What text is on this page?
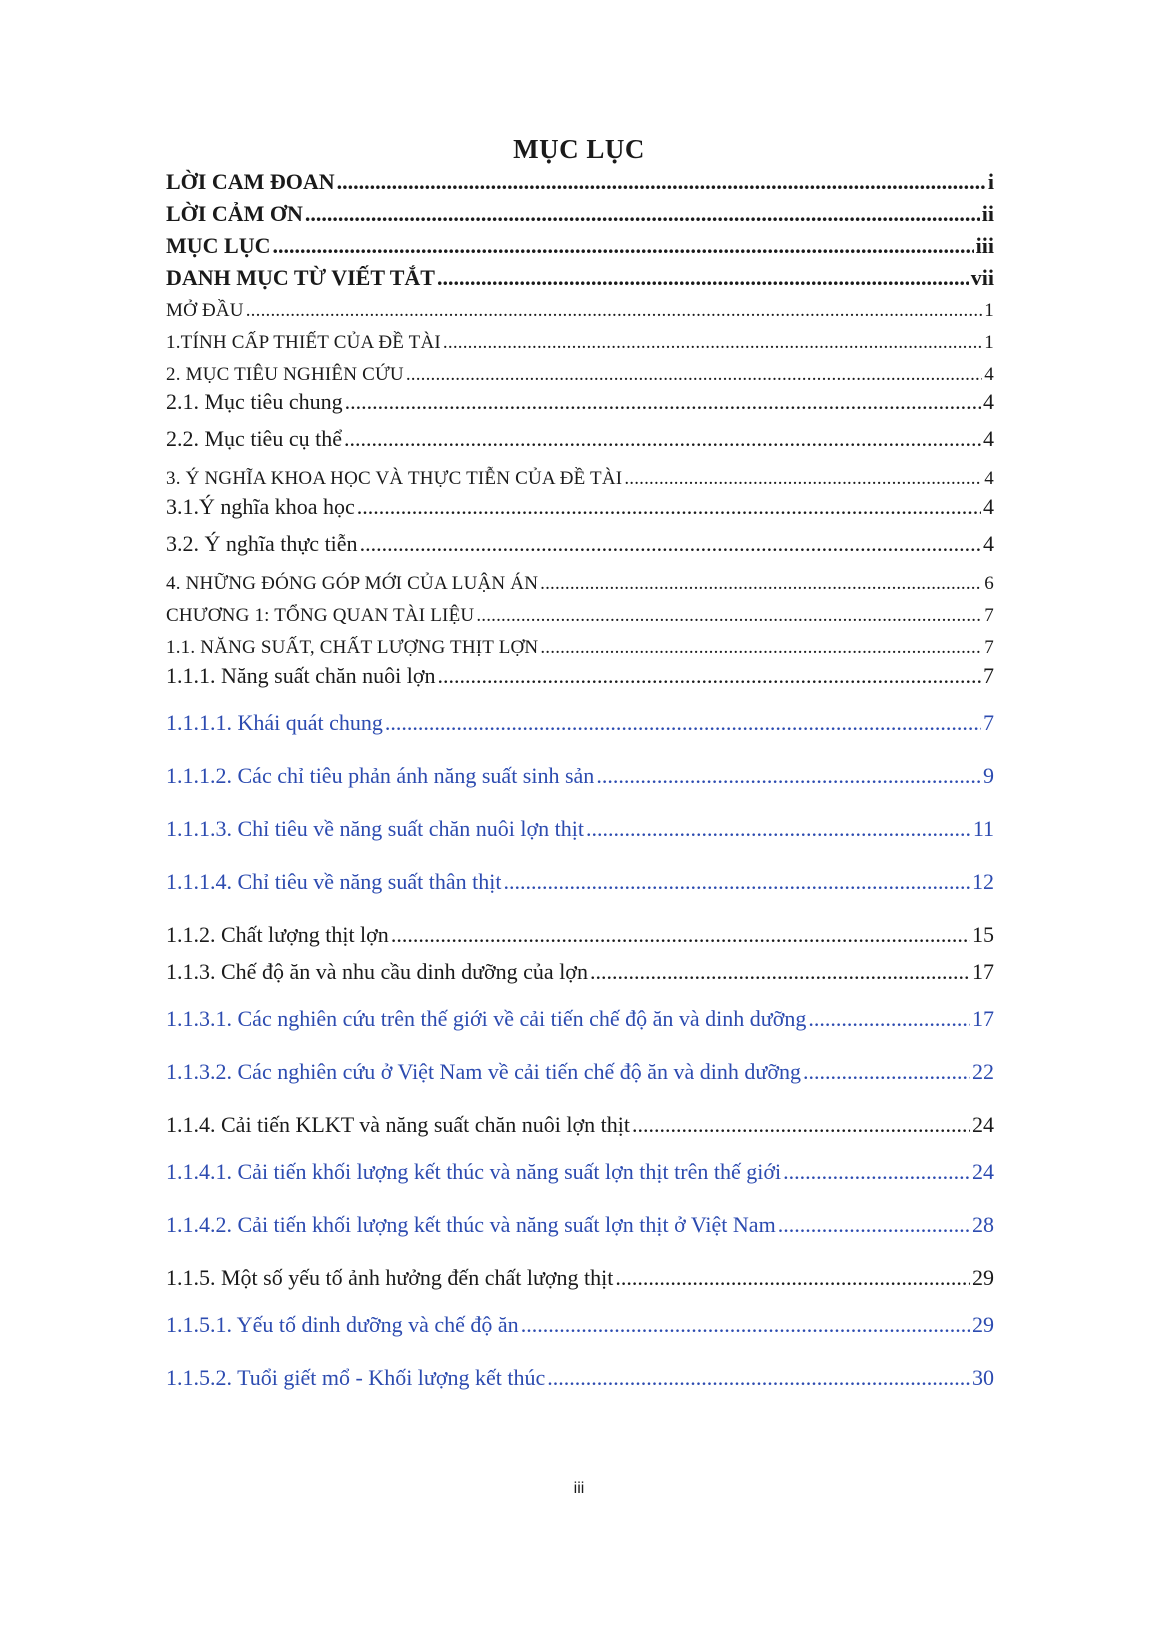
MỤC LỤC
LỜI CAM ĐOAN .....	i
LỜI CẢM ƠN .....	ii
MỤC LỤC .....	iii
DANH MỤC TỪ VIẾT TẮT .....	vii
MỞ ĐẦU .....	1
1.TÍNH CẤP THIẾT CỦA ĐỀ TÀI .....	1
2. MỤC TIÊU NGHIÊN CỨU .....	4
2.1. Mục tiêu chung .....	4
2.2. Mục tiêu cụ thể .....	4
3. Ý NGHĨA KHOA HỌC VÀ THỰC TIỄN CỦA ĐỀ TÀI .....	4
3.1.Ý nghĩa khoa học .....	4
3.2. Ý nghĩa thực tiễn .....	4
4. NHỮNG ĐÓNG GÓP MỚI CỦA LUẬN ÁN .....	6
CHƯƠNG 1: TỔNG QUAN TÀI LIỆU .....	7
1.1. NĂNG SUẤT, CHẤT LƯỢNG THỊT LỢN .....	7
1.1.1. Năng suất chăn nuôi lợn .....	7
1.1.1.1. Khái quát chung .....	7
1.1.1.2. Các chỉ tiêu phản ánh năng suất sinh sản .....	9
1.1.1.3. Chỉ tiêu về năng suất chăn nuôi lợn thịt .....	11
1.1.1.4. Chỉ tiêu về năng suất thân thịt .....	12
1.1.2. Chất lượng thịt lợn .....	15
1.1.3. Chế độ ăn và nhu cầu dinh dưỡng của lợn .....	17
1.1.3.1. Các nghiên cứu trên thế giới về cải tiến chế độ ăn và dinh dưỡng .....	17
1.1.3.2. Các nghiên cứu ở Việt Nam về cải tiến chế độ ăn và dinh dưỡng .....	22
1.1.4. Cải tiến KLKT và năng suất chăn nuôi lợn thịt .....	24
1.1.4.1. Cải tiến khối lượng kết thúc và năng suất lợn thịt trên thế giới .....	24
1.1.4.2. Cải tiến khối lượng kết thúc và năng suất lợn thịt ở Việt Nam .....	28
1.1.5. Một số yếu tố ảnh hưởng đến chất lượng thịt .....	29
1.1.5.1. Yếu tố dinh dưỡng và chế độ ăn .....	29
1.1.5.2. Tuổi giết mổ - Khối lượng kết thúc .....	30
iii
